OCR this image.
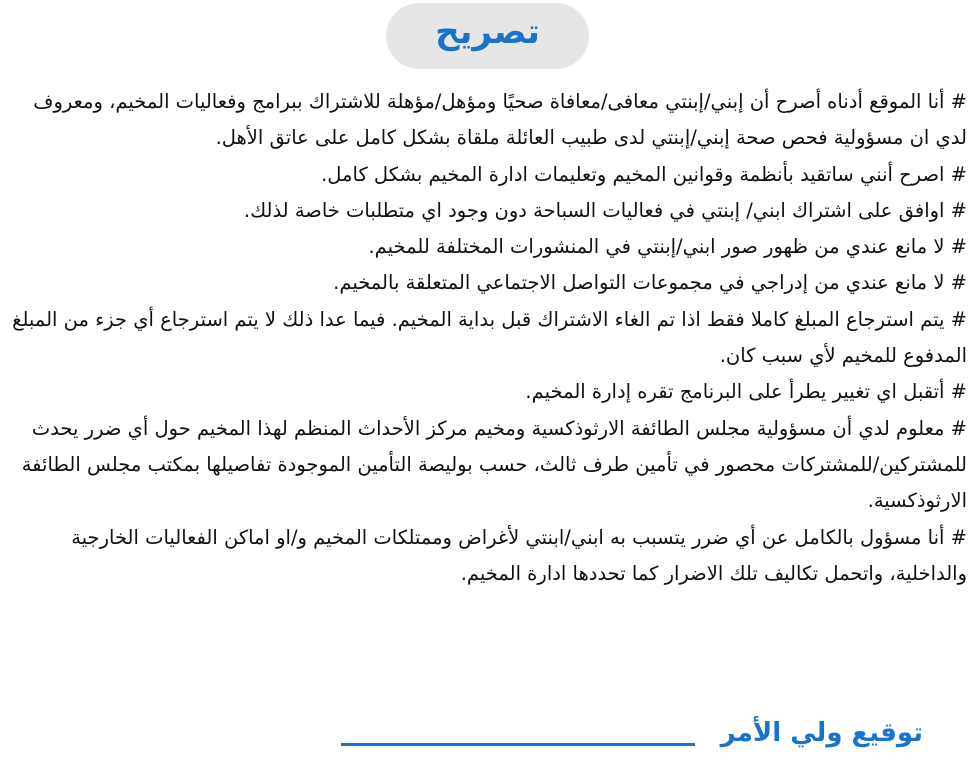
تصريح

# أنا الموقع أدناه أصرح أن إبني/إبنتي معافى/معافاة صحيًا ومؤهل/مؤهلة للاشتراك ببرامج وفعاليات المخيم، ومعروف لدي ان مسؤولية فحص صحة إبني/إبنتي لدى طبيب العائلة ملقاة بشكل كامل على عاتق الأهل.

# اصرح أنني ساتقيد بأنظمة وقوانين المخيم وتعليمات ادارة المخيم بشكل كامل.

# اوافق على اشتراك ابني/ إبنتي في فعاليات السباحة دون وجود اي متطلبات خاصة لذلك.

# لا مانع عندي من ظهور صور ابني/إبنتي في المنشورات المختلفة للمخيم.

# لا مانع عندي من إدراجي في مجموعات التواصل الاجتماعي المتعلقة بالمخيم.

# يتم استرجاع المبلغ كاملا فقط اذا تم الغاء الاشتراك قبل بداية المخيم. فيما عدا ذلك لا يتم استرجاع أي جزء من المبلغ المدفوع للمخيم لأي سبب كان.

# أتقبل اي تغيير يطرأ على البرنامج تقره إدارة المخيم.

# معلوم لدي أن مسؤولية مجلس الطائفة الارثوذكسية ومخيم مركز الأحداث المنظم لهذا المخيم حول أي ضرر يحدث للمشتركين/للمشتركات محصور في تأمين طرف ثالث، حسب بوليصة التأمين الموجودة تفاصيلها بمكتب مجلس الطائفة الارثوذكسية.

# أنا مسؤول بالكامل عن أي ضرر يتسبب به ابني/ابنتي لأغراض وممتلكات المخيم و/او اماكن الفعاليات الخارجية والداخلية، واتحمل تكاليف تلك الاضرار كما تحددها ادارة المخيم.

توقيع ولي الأمر
